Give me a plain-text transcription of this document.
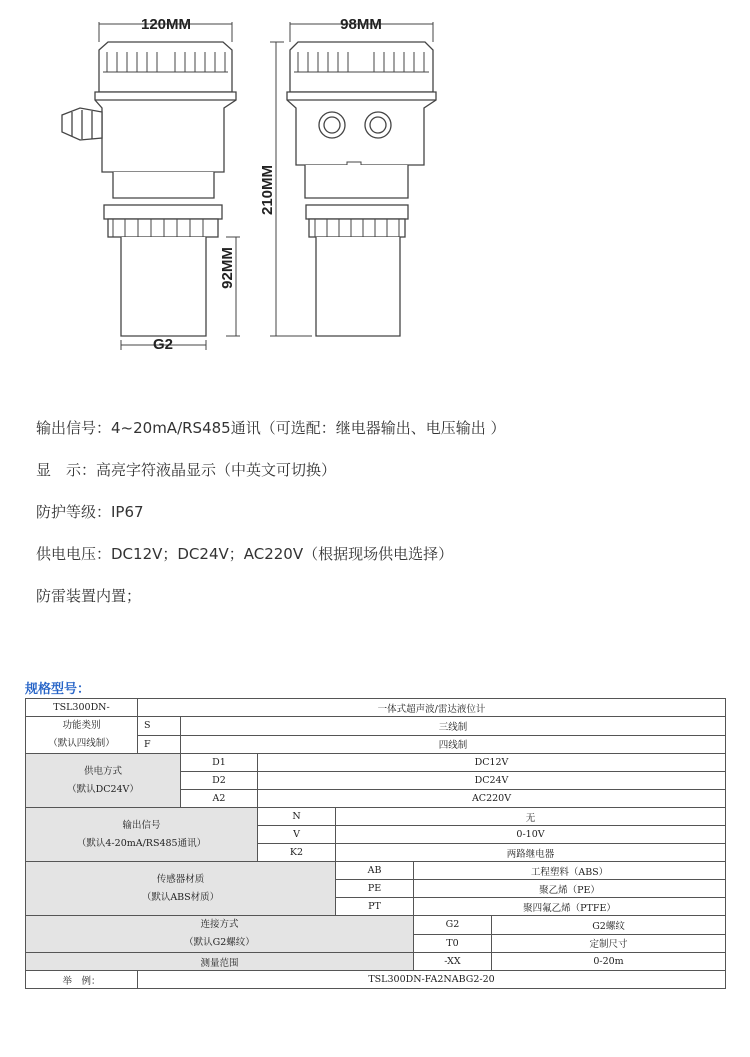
120MM	98MM
210MM
92MM
G2
输出信号：4~20mA/RS485通讯（可选配：继电器输出、电压输出 ）
显　示：高亮字符液晶显示（中英文可切换）
防护等级：IP67
供电电压：DC12V；DC24V；AC220V（根据现场供电选择）
防雷装置内置；
规格型号：
TSL300DN-	一体式超声波/雷达液位计					

功能类别
（默认四线制）	S	三线制				
	F	四线制				

供电方式
（默认DC24V）		D1	DC12V			
		D2	DC24V			
		A2	AC220V			

输出信号
（默认4-20mA/RS485通讯）			N	无		
			V	0-10V		
			K2	两路继电器		

传感器材质
（默认ABS材质）				AB	工程塑料（ABS）	
				PE	聚乙烯（PE）	
				PT	聚四氟乙烯（PTFE）	

连接方式
（默认G2螺纹）					G2	G2螺纹
					T0	定制尺寸
测量范围					-XX	0-20m
举　例：	TSL300DN-FA2NABG2-20					
